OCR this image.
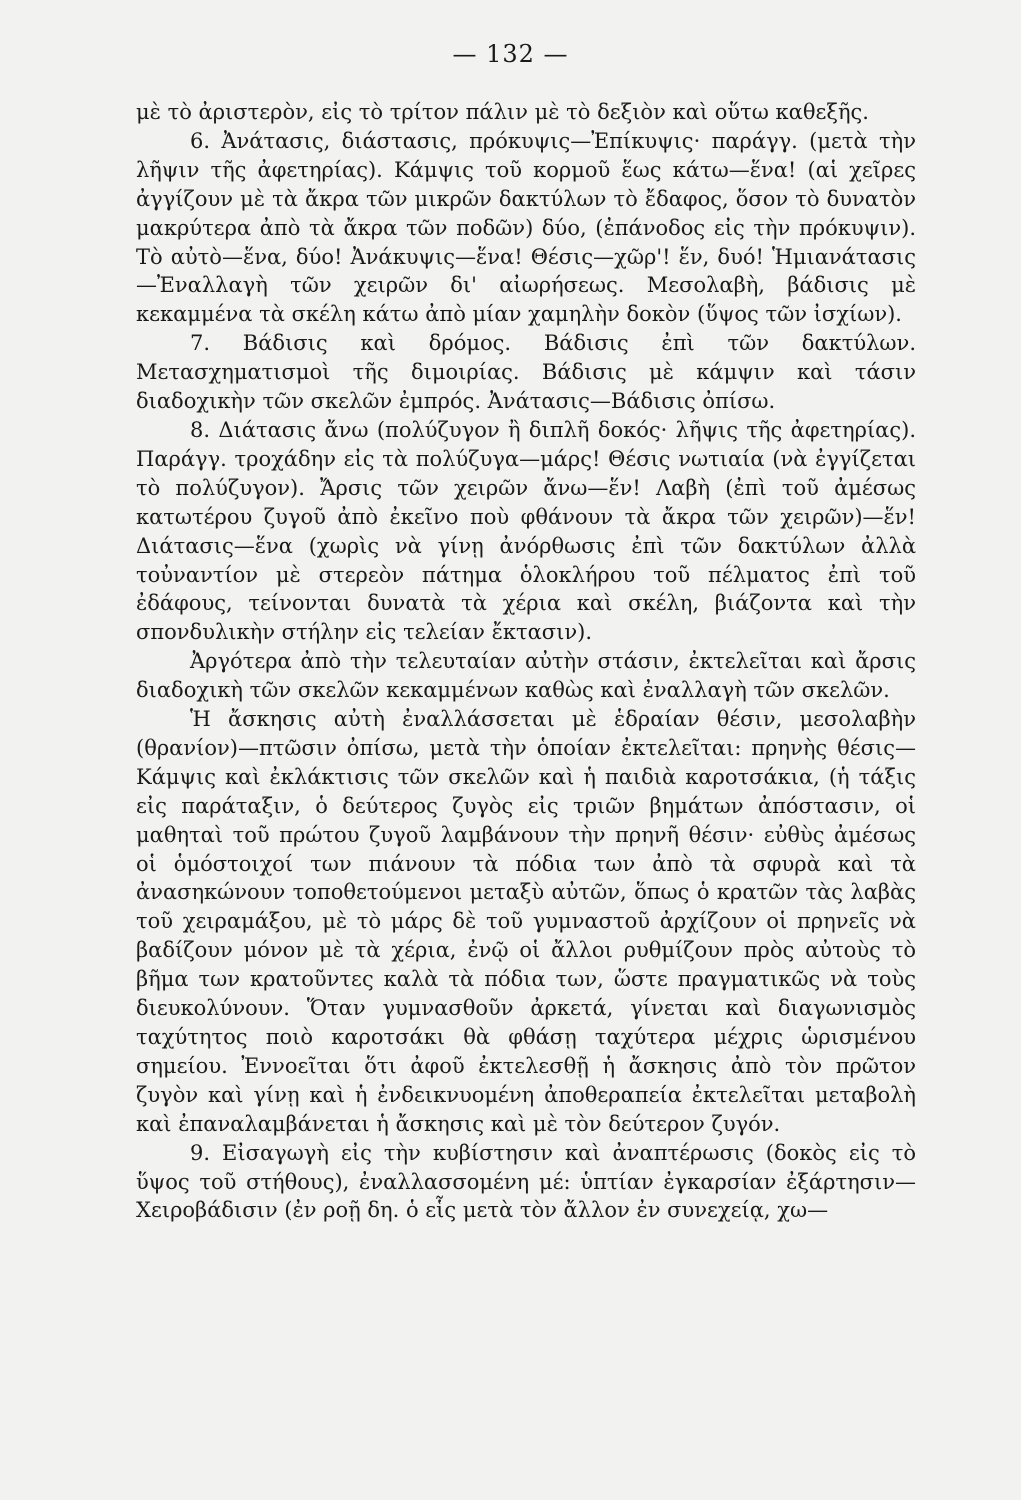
— 132 —

μὲ τὸ ἀριστερὸν, εἰς τὸ τρίτον πάλιν μὲ τὸ δεξιὸν καὶ οὕτω καθεξῆς.

6. Ἀνάτασις, διάστασις, πρόκυψις—Ἐπίκυψις· παράγγ. (μετὰ τὴν λῆψιν τῆς ἀφετηρίας). Κάμψις τοῦ κορμοῦ ἕως κάτω—ἕνα! (αἱ χεῖρες ἀγγίζουν μὲ τὰ ἄκρα τῶν μικρῶν δακτύλων τὸ ἔδαφος, ὅσον τὸ δυνατὸν μακρύτερα ἀπὸ τὰ ἄκρα τῶν ποδῶν) δύο, (ἐπάνοδος εἰς τὴν πρόκυψιν). Τὸ αὐτὸ—ἕνα, δύο! Ἀνάκυψις—ἕνα! Θέσις—χῶρ'! ἕν, δυό! Ἡμιανάτασις—Ἐναλλαγὴ τῶν χειρῶν δι' αἰωρήσεως. Μεσολαβὴ, βάδισις μὲ κεκαμμένα τὰ σκέλη κάτω ἀπὸ μίαν χαμηλὴν δοκὸν (ὕψος τῶν ἰσχίων).

7. Βάδισις καὶ δρόμος. Βάδισις ἐπὶ τῶν δακτύλων. Μετασχηματισμοὶ τῆς διμοιρίας. Βάδισις μὲ κάμψιν καὶ τάσιν διαδοχικὴν τῶν σκελῶν ἐμπρός. Ἀνάτασις—Βάδισις ὀπίσω.

8. Διάτασις ἄνω (πολύζυγον ἢ διπλῆ δοκός· λῆψις τῆς ἀφετηρίας). Παράγγ. τροχάδην εἰς τὰ πολύζυγα—μάρς! Θέσις νωτιαία (νὰ ἐγγίζεται τὸ πολύζυγον). Ἄρσις τῶν χειρῶν ἄνω—ἕν! Λαβὴ (ἐπὶ τοῦ ἀμέσως κατωτέρου ζυγοῦ ἀπὸ ἐκεῖνο ποὺ φθάνουν τὰ ἄκρα τῶν χειρῶν)—ἕν! Διάτασις—ἕνα (χωρὶς νὰ γίνῃ ἀνόρθωσις ἐπὶ τῶν δακτύλων ἀλλὰ τοὐναντίον μὲ στερεὸν πάτημα ὁλοκλήρου τοῦ πέλματος ἐπὶ τοῦ ἐδάφους, τείνονται δυνατὰ τὰ χέρια καὶ σκέλη, βιάζοντα καὶ τὴν σπονδυλικὴν στήλην εἰς τελείαν ἔκτασιν).

Ἀργότερα ἀπὸ τὴν τελευταίαν αὐτὴν στάσιν, ἐκτελεῖται καὶ ἄρσις διαδοχικὴ τῶν σκελῶν κεκαμμένων καθὼς καὶ ἐναλλαγὴ τῶν σκελῶν.

Ἡ ἄσκησις αὐτὴ ἐναλλάσσεται μὲ ἑδραίαν θέσιν, μεσολαβὴν (θρανίον)—πτῶσιν ὀπίσω, μετὰ τὴν ὁποίαν ἐκτελεῖται: πρηνὴς θέσις—Κάμψις καὶ ἐκλάκτισις τῶν σκελῶν καὶ ἡ παιδιὰ καροτσάκια, (ἡ τάξις εἰς παράταξιν, ὁ δεύτερος ζυγὸς εἰς τριῶν βημάτων ἀπόστασιν, οἱ μαθηταὶ τοῦ πρώτου ζυγοῦ λαμβάνουν τὴν πρηνῆ θέσιν· εὐθὺς ἀμέσως οἱ ὁμόστοιχοί των πιάνουν τὰ πόδια των ἀπὸ τὰ σφυρὰ καὶ τὰ ἀνασηκώνουν τοποθετούμενοι μεταξὺ αὐτῶν, ὅπως ὁ κρατῶν τὰς λαβὰς τοῦ χειραμάξου, μὲ τὸ μάρς δὲ τοῦ γυμναστοῦ ἀρχίζουν οἱ πρηνεῖς νὰ βαδίζουν μόνον μὲ τὰ χέρια, ἐνῷ οἱ ἄλλοι ρυθμίζουν πρὸς αὐτοὺς τὸ βῆμα των κρατοῦντες καλὰ τὰ πόδια των, ὥστε πραγματικῶς νὰ τοὺς διευκολύνουν. Ὅταν γυμνασθοῦν ἀρκετά, γίνεται καὶ διαγωνισμὸς ταχύτητος ποιὸ καροτσάκι θὰ φθάσῃ ταχύτερα μέχρις ὡρισμένου σημείου. Ἐννοεῖται ὅτι ἀφοῦ ἐκτελεσθῇ ἡ ἄσκησις ἀπὸ τὸν πρῶτον ζυγὸν καὶ γίνῃ καὶ ἡ ἐνδεικνυομένη ἀποθεραπεία ἐκτελεῖται μεταβολὴ καὶ ἐπαναλαμβάνεται ἡ ἄσκησις καὶ μὲ τὸν δεύτερον ζυγόν.

9. Εἰσαγωγὴ εἰς τὴν κυβίστησιν καὶ ἀναπτέρωσις (δοκὸς εἰς τὸ ὕψος τοῦ στήθους), ἐναλλασσομένη μέ: ὑπτίαν ἐγκαρσίαν ἐξάρτησιν—Χειροβάδισιν (ἐν ροῇ δη. ὁ εἷς μετὰ τὸν ἄλλον ἐν συνεχείᾳ, χω—
